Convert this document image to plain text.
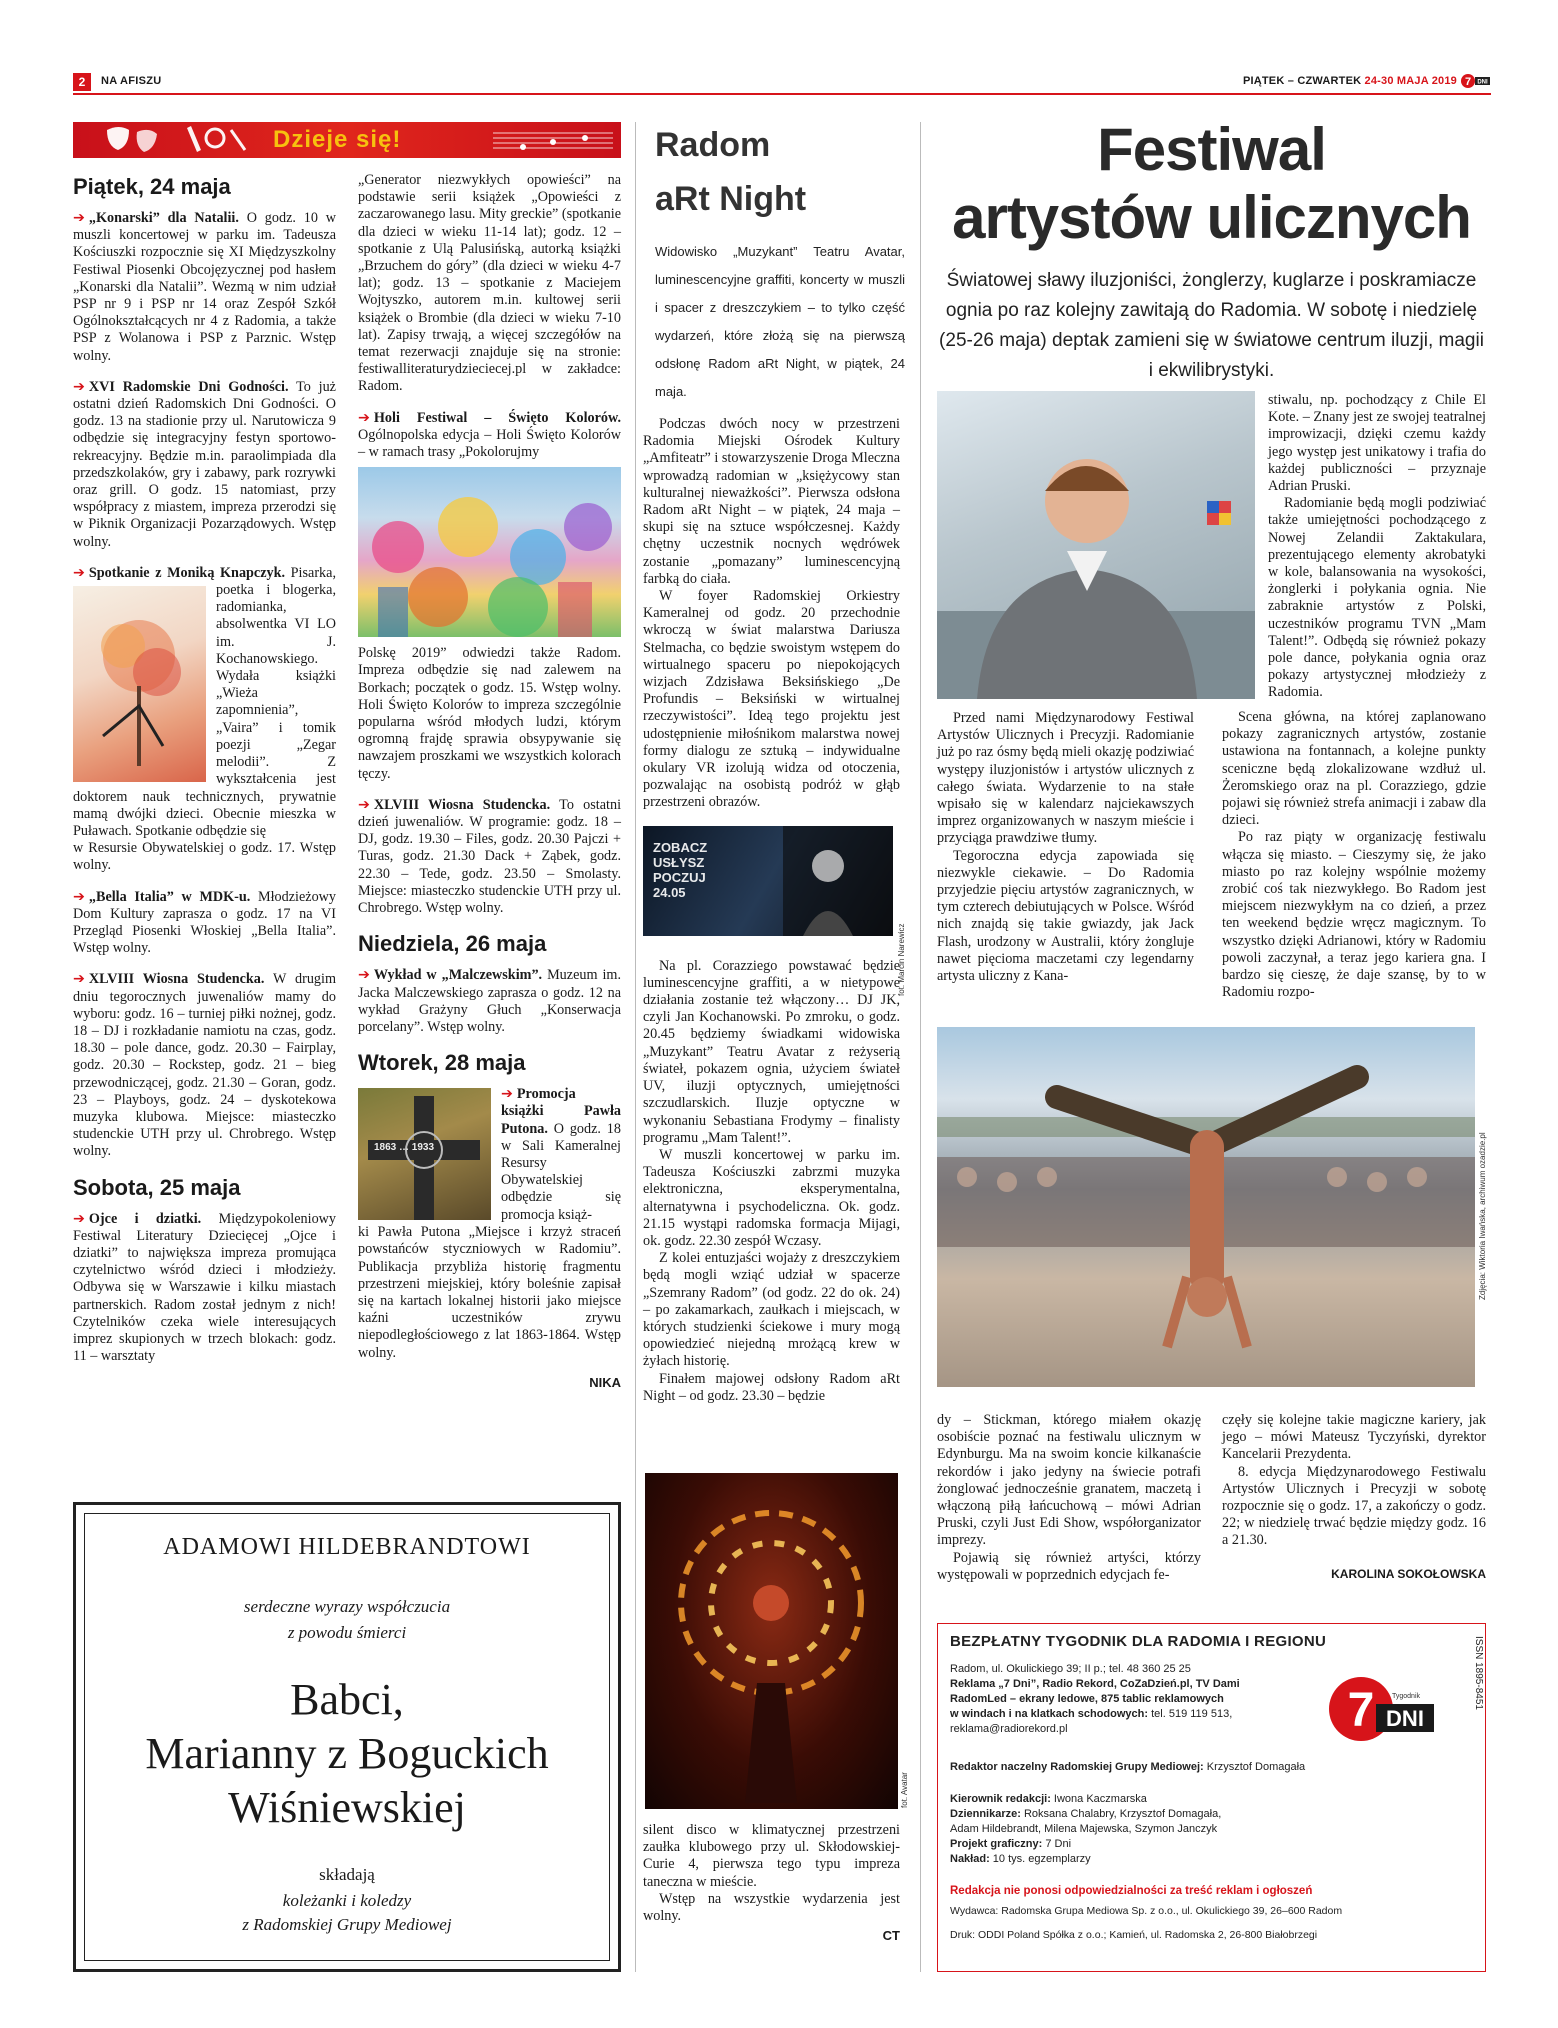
2	NA AFISZU	PIĄTEK – CZWARTEK 24-30 MAJA 2019 7 DNI
Dzieje się!
Piątek, 24 maja

➔ „Konarski” dla Natalii. O godz. 10 w muszli koncertowej w parku im. Tadeusza Kościuszki rozpocznie się XI Międzyszkolny Festiwal Piosenki Obcojęzycznej pod hasłem „Konarski dla Natalii”. Wezmą w nim udział PSP nr 9 i PSP nr 14 oraz Zespół Szkół Ogólnokształcących nr 4 z Radomia, a także PSP z Wolanowa i PSP z Parznic. Wstęp wolny.

➔ XVI Radomskie Dni Godności. To już ostatni dzień Radomskich Dni Godności. O godz. 13 na stadionie przy ul. Narutowicza 9 odbędzie się integracyjny festyn sportowo-rekreacyjny. Będzie m.in. paraolimpiada dla przedszkolaków, gry i zabawy, park rozrywki oraz grill. O godz. 15 natomiast, przy współpracy z miastem, impreza przerodzi się w Piknik Organizacji Pozarządowych. Wstęp wolny.

➔ Spotkanie z Moniką Knapczyk.
Pisarka, poetka i blogerka, radomianka, absolwentka VI LO im. J. Kochanowskiego. Wydała książki „Wieża zapomnienia”, „Vaira” i tomik poezji „Zegar melodii”. Z wykształcenia jest doktorem nauk technicznych, prywatnie mamą dwójki dzieci. Obecnie mieszka w Puławach. Spotkanie odbędzie się

w Resursie Obywatelskiej o godz. 17. Wstęp wolny.

➔ „Bella Italia” w MDK-u. Młodzieżowy Dom Kultury zaprasza o godz. 17 na VI Przegląd Piosenki Włoskiej „Bella Italia”. Wstęp wolny.

➔ XLVIII Wiosna Studencka. W drugim dniu tegorocznych juwenaliów mamy do wyboru: godz. 16 – turniej piłki nożnej, godz. 18 – DJ i rozkładanie namiotu na czas, godz. 18.30 – pole dance, godz. 20.30 – Fairplay, godz. 20.30 – Rockstep, godz. 21 – bieg przewodniczącej, godz. 21.30 – Goran, godz. 23 – Playboys, godz. 24 – dyskotekowa muzyka klubowa. Miejsce: miasteczko studenckie UTH przy ul. Chrobrego. Wstęp wolny.

Sobota, 25 maja

➔ Ojce i dziatki. Międzypokoleniowy Festiwal Literatury Dziecięcej „Ojce i dziatki” to największa impreza promująca czytelnictwo wśród dzieci i młodzieży. Odbywa się w Warszawie i kilku miastach partnerskich. Radom został jednym z nich! Czytelników czeka wiele interesujących imprez skupionych w trzech blokach: godz. 11 – warsztaty

„Generator niezwykłych opowieści” na podstawie serii książek „Opowieści z zaczarowanego lasu. Mity greckie” (spotkanie dla dzieci w wieku 11-14 lat); godz. 12 – spotkanie z Ulą Palusińską, autorką książki „Brzuchem do góry” (dla dzieci w wieku 4-7 lat); godz. 13 – spotkanie z Maciejem Wojtyszko, autorem m.in. kultowej serii książek o Brombie (dla dzieci w wieku 7-10 lat). Zapisy trwają, a więcej szczegółów na temat rezerwacji znajduje się na stronie: festiwalliteraturydzieciecej.pl w zakładce: Radom.

➔ Holi Festiwal – Święto Kolorów. Ogólnopolska edycja – Holi Święto Kolorów – w ramach trasy „Pokolorujmy

Polskę 2019” odwiedzi także Radom. Impreza odbędzie się nad zalewem na Borkach; początek o godz. 15. Wstęp wolny. Holi Święto Kolorów to impreza szczególnie popularna wśród młodych ludzi, którym ogromną frajdę sprawia obsypywanie się nawzajem proszkami we wszystkich kolorach tęczy.

➔ XLVIII Wiosna Studencka. To ostatni dzień juwenaliów. W programie: godz. 18 – DJ, godz. 19.30 – Files, godz. 20.30 Pajczi + Turas, godz. 21.30 Dack + Ząbek, godz. 22.30 – Tede, godz. 23.50 – Smolasty. Miejsce: miasteczko studenckie UTH przy ul. Chrobrego. Wstęp wolny.

Niedziela, 26 maja

➔ Wykład w „Malczewskim”. Muzeum im. Jacka Malczewskiego zaprasza o godz. 12 na wykład Grażyny Głuch „Konserwacja porcelany”. Wstęp wolny.

Wtorek, 28 maja

1863 … 1933
➔ Promocja książki Pawła Putona. O godz. 18 w Sali Kameralnej Resursy Obywatelskiej odbędzie się promocja książ-

ki Pawła Putona „Miejsce i krzyż straceń powstańców styczniowych w Radomiu”. Publikacja przybliża historię fragmentu przestrzeni miejskiej, który boleśnie zapisał się na kartach lokalnej historii jako miejsce kaźni uczestników zrywu niepodległościowego z lat 1863-1864. Wstęp wolny.

NIKA
ADAMOWI HILDEBRANDTOWI
serdeczne wyrazy współczucia
z powodu śmierci
Babci,
Marianny z Boguckich
Wiśniewskiej
składają
koleżanki i koledzy
z Radomskiej Grupy Mediowej
Radom
aRt Night
Widowisko „Muzykant” Teatru Avatar, luminescencyjne graffiti, koncerty w muszli i spacer z dreszczykiem – to tylko część wydarzeń, które złożą się na pierwszą odsłonę Radom aRt Night, w piątek, 24 maja.

Podczas dwóch nocy w przestrzeni Radomia Miejski Ośrodek Kultury „Amfiteatr” i stowarzyszenie Droga Mleczna wprowadzą radomian w „księżycowy stan kulturalnej nieważkości”. Pierwsza odsłona Radom aRt Night – w piątek, 24 maja – skupi się na sztuce współczesnej. Każdy chętny uczestnik nocnych wędrówek zostanie „pomazany” luminescencyjną farbką do ciała.

W foyer Radomskiej Orkiestry Kameralnej od godz. 20 przechodnie wkroczą w świat malarstwa Dariusza Stelmacha, co będzie swoistym wstępem do wirtualnego spaceru po niepokojących wizjach Zdzisława Beksińskiego „De Profundis – Beksiński w wirtualnej rzeczywistości”. Ideą tego projektu jest udostępnienie miłośnikom malarstwa nowej formy dialogu ze sztuką – indywidualne okulary VR izolują widza od otoczenia, pozwalając na osobistą podróż w głąb przestrzeni obrazów.

ZOBACZ USŁYSZ POCZUJ 24.05
fot. Marcin Narewicz

Na pl. Corazziego powstawać będzie luminescencyjne graffiti, a w nietypowe działania zostanie też włączony… DJ JK, czyli Jan Kochanowski. Po zmroku, o godz. 20.45 będziemy świadkami widowiska „Muzykant” Teatru Avatar z reżyserią świateł, pokazem ognia, użyciem świateł UV, iluzji optycznych, umiejętności szczudlarskich. Iluzje optyczne w wykonaniu Sebastiana Frodymy – finalisty programu „Mam Talent!”.

W muszli koncertowej w parku im. Tadeusza Kościuszki zabrzmi muzyka elektroniczna, eksperymentalna, alternatywna i psychodeliczna. Ok. godz. 21.15 wystąpi radomska formacja Mijagi, ok. godz. 22.30 zespół Wczasy.

Z kolei entuzjaści wojaży z dreszczykiem będą mogli wziąć udział w spacerze „Szemrany Radom” (od godz. 22 do ok. 24) – po zakamarkach, zaułkach i miejscach, w których studzienki ściekowe i mury mogą opowiedzieć niejedną mrożącą krew w żyłach historię.

Finałem majowej odsłony Radom aRt Night – od godz. 23.30 – będzie

fot. Avatar

silent disco w klimatycznej przestrzeni zaułka klubowego przy ul. Skłodowskiej-Curie 4, pierwsza tego typu impreza taneczna w mieście.

Wstęp na wszystkie wydarzenia jest wolny.

CT
Festiwal
artystów ulicznych
Światowej sławy iluzjoniści, żonglerzy, kuglarze i poskramiacze ognia po raz kolejny zawitają do Radomia. W sobotę i niedzielę (25-26 maja) deptak zamieni się w światowe centrum iluzji, magii i ekwilibrystyki.

stiwalu, np. pochodzący z Chile El Kote. – Znany jest ze swojej teatralnej improwizacji, dzięki czemu każdy jego występ jest unikatowy i trafia do każdej publiczności – przyznaje Adrian Pruski.

Radomianie będą mogli podziwiać także umiejętności pochodzącego z Nowej Zelandii Zaktakulara, prezentującego elementy akrobatyki w kole, balansowania na wysokości, żonglerki i połykania ognia. Nie zabraknie artystów z Polski, uczestników programu TVN „Mam Talent!”. Odbędą się również pokazy pole dance, połykania ognia oraz pokazy artystycznej młodzieży z Radomia.

Przed nami Międzynarodowy Festiwal Artystów Ulicznych i Precyzji. Radomianie już po raz ósmy będą mieli okazję podziwiać występy iluzjonistów i artystów ulicznych z całego świata. Wydarzenie to na stałe wpisało się w kalendarz najciekawszych imprez organizowanych w naszym mieście i przyciąga prawdziwe tłumy.

Tegoroczna edycja zapowiada się niezwykle ciekawie. – Do Radomia przyjedzie pięciu artystów zagranicznych, w tym czterech debiutujących w Polsce. Wśród nich znajdą się takie gwiazdy, jak Jack Flash, urodzony w Australii, który żongluje nawet pięcioma maczetami czy legendarny artysta uliczny z Kana-

Scena główna, na której zaplanowano pokazy zagranicznych artystów, zostanie ustawiona na fontannach, a kolejne punkty sceniczne będą zlokalizowane wzdłuż ul. Żeromskiego oraz na pl. Corazziego, gdzie pojawi się również strefa animacji i zabaw dla dzieci.

Po raz piąty w organizację festiwalu włącza się miasto. – Cieszymy się, że jako miasto po raz kolejny wspólnie możemy zrobić coś tak niezwykłego. Bo Radom jest miejscem niezwykłym na co dzień, a przez ten weekend będzie wręcz magicznym. To wszystko dzięki Adrianowi, który w Radomiu powoli zaczynał, a teraz jego kariera gna. I bardzo się cieszę, że daje szansę, by to w Radomiu rozpo-

Zdjęcia: Wiktoria Iwańska, archiwum ozadzie.pl

dy – Stickman, którego miałem okazję osobiście poznać na festiwalu ulicznym w Edynburgu. Ma na swoim koncie kilkanaście rekordów i jako jedyny na świecie potrafi żonglować jednocześnie granatem, maczetą i włączoną piłą łańcuchową – mówi Adrian Pruski, czyli Just Edi Show, współorganizator imprezy.

Pojawią się również artyści, którzy występowali w poprzednich edycjach fe-

częły się kolejne takie magiczne kariery, jak jego – mówi Mateusz Tyczyński, dyrektor Kancelarii Prezydenta.

8. edycja Międzynarodowego Festiwalu Artystów Ulicznych i Precyzji w sobotę rozpocznie się o godz. 17, a zakończy o godz. 22; w niedzielę trwać będzie między godz. 16 a 21.30.

KAROLINA SOKOŁOWSKA
BEZPŁATNY TYGODNIK DLA RADOMIA I REGIONU
Radom, ul. Okulickiego 39; II p.; tel. 48 360 25 25
Reklama „7 Dni”, Radio Rekord, CoZaDzień.pl, TV Dami
RadomLed – ekrany ledowe, 875 tablic reklamowych
w windach i na klatkach schodowych: tel. 519 119 513,
reklama@radiorekord.pl	7 DNI
Tygodnik	ISSN 1895-8451
Redaktor naczelny Radomskiej Grupy Mediowej: Krzysztof Domagała
Kierownik redakcji: Iwona Kaczmarska
Dziennikarze: Roksana Chalabry, Krzysztof Domagała,
Adam Hildebrandt, Milena Majewska, Szymon Janczyk
Projekt graficzny: 7 Dni
Nakład: 10 tys. egzemplarzy
Redakcja nie ponosi odpowiedzialności za treść reklam i ogłoszeń
Wydawca: Radomska Grupa Mediowa Sp. z o.o., ul. Okulickiego 39, 26–600 Radom
Druk: ODDI Poland Spółka z o.o.; Kamień, ul. Radomska 2, 26-800 Białobrzegi
